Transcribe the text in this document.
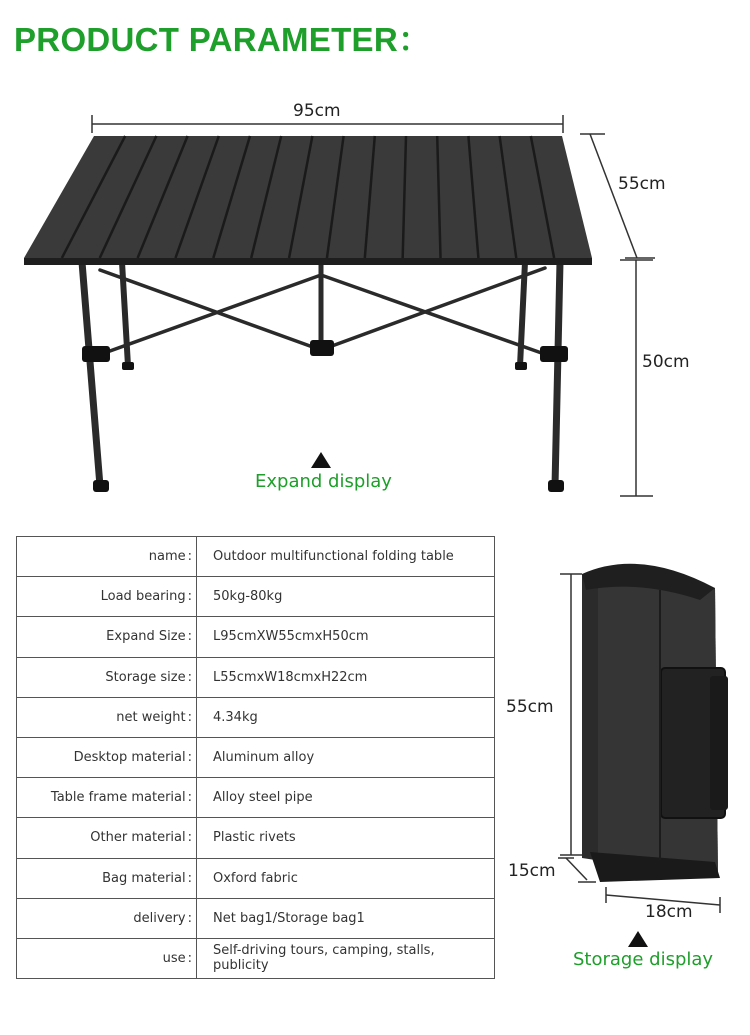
PRODUCT PARAMETER：
95cm
55cm
50cm
Expand display
55cm
15cm
18cm
Storage display
name :	Outdoor multifunctional folding table
Load bearing :	50kg-80kg
Expand Size :	L95cmXW55cmxH50cm
Storage size :	L55cmxW18cmxH22cm
net weight :	4.34kg
Desktop material :	Aluminum alloy
Table frame material :	Alloy steel pipe
Other material :	Plastic rivets
Bag material :	Oxford fabric
delivery :	Net bag1/Storage bag1
use :	Self-driving tours, camping, stalls, publicity
